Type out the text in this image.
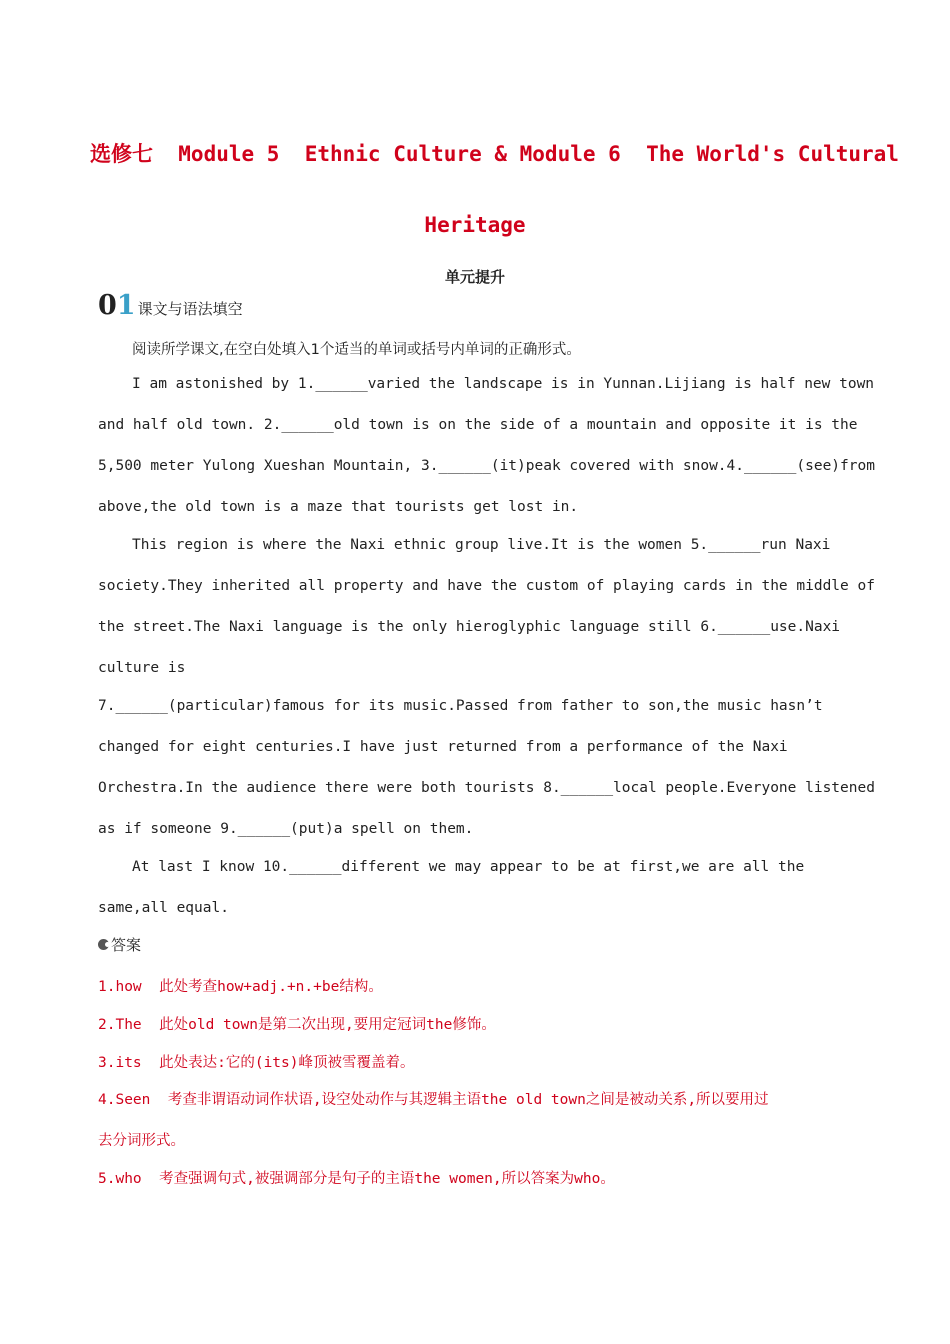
选修七  Module 5  Ethnic Culture & Module 6  The World's Cultural
Heritage
单元提升
01 课文与语法填空
阅读所学课文,在空白处填入1个适当的单词或括号内单词的正确形式。
I am astonished by 1.______varied the landscape is in Yunnan.Lijiang is half new town
and half old town. 2.______old town is on the side of a mountain and opposite it is the
5,500 meter Yulong Xueshan Mountain, 3.______(it)peak covered with snow.4.______(see)from
above,the old town is a maze that tourists get lost in.
This region is where the Naxi ethnic group live.It is the women 5.______run Naxi
society.They inherited all property and have the custom of playing cards in the middle of
the street.The Naxi language is the only hieroglyphic language still 6.______use.Naxi
culture is
7.______(particular)famous for its music.Passed from father to son,the music hasn’t
changed for eight centuries.I have just returned from a performance of the Naxi
Orchestra.In the audience there were both tourists 8.______local people.Everyone listened
as if someone 9.______(put)a spell on them.
At last I know 10.______different we may appear to be at first,we are all the
same,all equal.
答案
1.how  此处考查how+adj.+n.+be结构。
2.The  此处old town是第二次出现,要用定冠词the修饰。
3.its  此处表达:它的(its)峰顶被雪覆盖着。
4.Seen  考查非谓语动词作状语,设空处动作与其逻辑主语the old town之间是被动关系,所以要用过
去分词形式。
5.who  考查强调句式,被强调部分是句子的主语the women,所以答案为who。
